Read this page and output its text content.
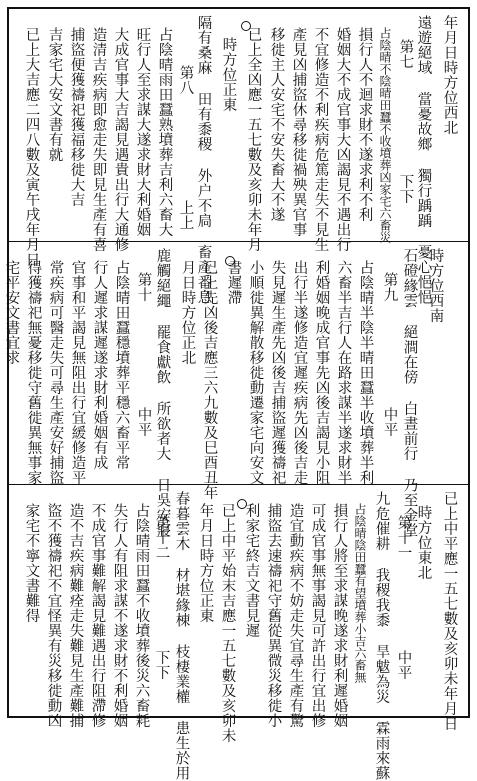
年月日時方位西北
遠遊絕域 當憂故鄉 獨行踽踽 憂心悒悒
第七　　　　　　　下下
占陰晴不陰晴田蠶不收墳葬凶家宅六畜災
損行人不迴求財不遂求利不利
婚姻大不成官事大凶謁見不遇出行
不宜修造不利疾病危篤走失不見生
產見凶捕盜休尋移徙禍殃異官事
移徙主人安宅不安失畜大不遂
已上全凶應一五七數及亥卯未年月
時方位正東
隔有桑麻 田有黍稷 外户不扃 畜產番息
第八　　　　　　　上上
占陰晴雨田蠶熟墳葬吉利六畜大
旺行人至求謀大遂求財大利婚姻
大成官事大吉謁見遇貴出行大通修
造清吉疾病即愈走失即見生產有喜
捕盜便獲禱祀獲福移徙大吉
吉家宅大安文書有就
已上大吉應二四八數及寅午戌年月日
時方位西南
石磴緣雲 絕澗在傍 白晝前行 乃至金堂
第九　　　　　　　中平
占陰晴半陰半晴田蠶半收墳葬半利
六畜半吉行人在路求謀半遂求財半
利婚姻晚成官事先凶後吉謁見小阻
出行半遂修造宜遲疾病先凶後吉走
失見遲生產先凶後吉捕盜遲獲禱祀
小順徙異解散移徙動遷家宅向安文
書遲滯
已上先凶後吉應三六九數及巳酉丑年
月日時方位正北
鹿觸絕繩 罷食獻飲 所欲者大 日吳安寢
第十　　　　　　　中平
占陰晴田蠶穩墳葬平穩六畜平常
行人遲求謀遲遂求財利婚姻有成
官事和平謁見無阻出行宜緩修造平
常疾病可醫走失可尋生產安好捕盜
得獲禱祀無憂移徙守舊徙異無事家
宅平安文書宜求
已上中平應一五七數及亥卯未年月日
時方位東北
第十一　　　　　　中平
九危催耕 我稷我黍 旱魃為災 霖雨來蘇
占陰晴陰田蠶有望墳葬小吉六畜無
損行人將至求謀晚遂求財利遲婚姻
可成官事無事謁見可許出行宜出修
造宜動疾病不妨走失宜尋生產有驚
捕盜去速禱祀守舊從異微災移徙小
利家宅終吉文書見遲
已上中平始末吉應一五七數及亥卯未
年月日時方位正東
春暮雲木 材堪緣棟 枝棲業權 患生於用
第十二　　　　　　下下
占陰晴雨田蠶不收墳葬後災六畜耗
失行人有阻求謀不遂求財不利婚姻
不成官事難解謁見難遇出行阻滯修
造不吉疾病難痊走失難見生產難捕
盜不獲禱祀不宜怪異有災移徙動凶
家宅不寧文書難得
